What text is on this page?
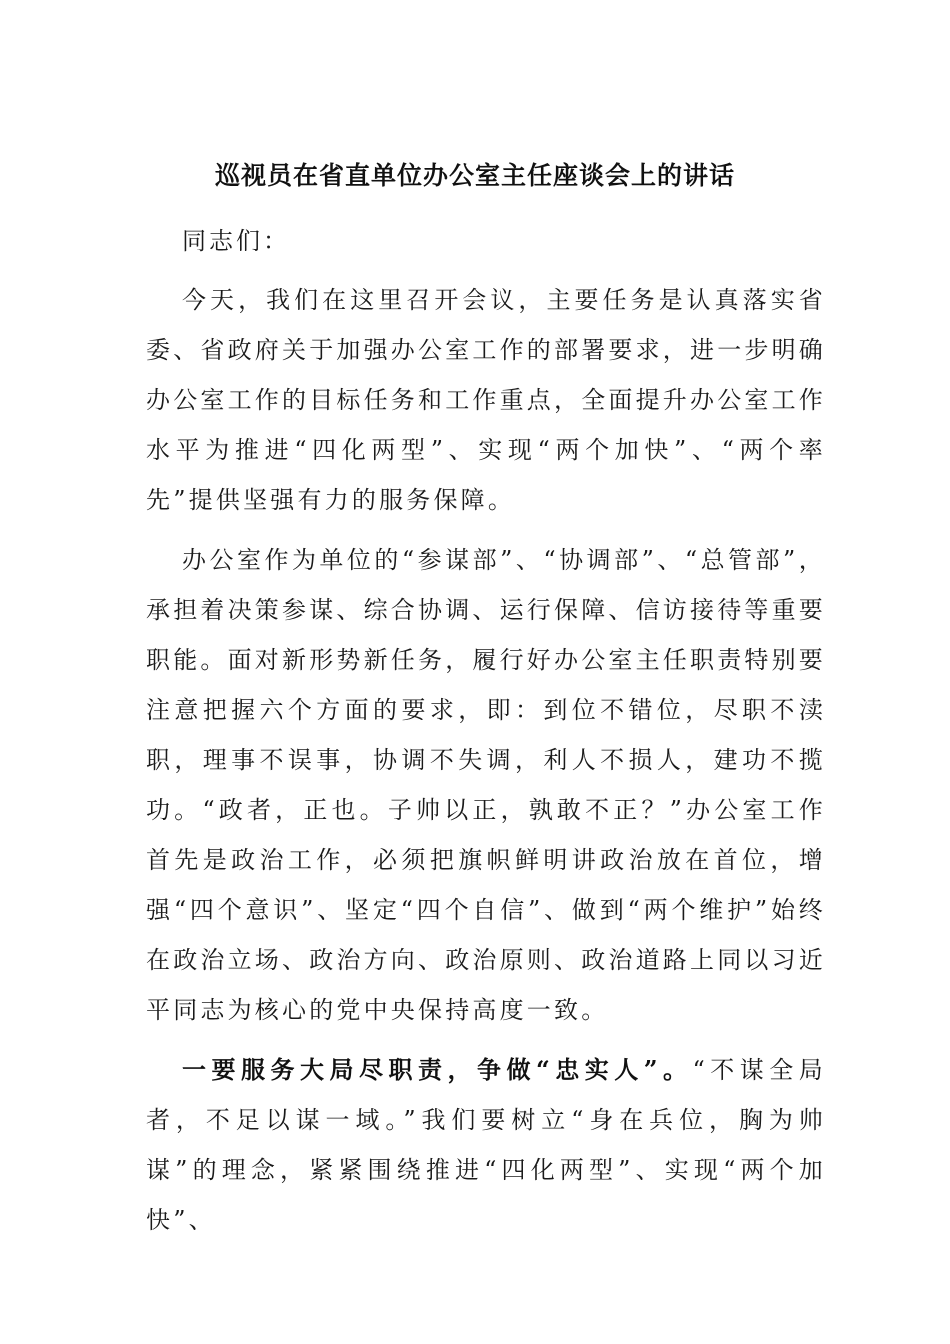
巡视员在省直单位办公室主任座谈会上的讲话
同志们：

今天，我们在这里召开会议，主要任务是认真落实省委、省政府关于加强办公室工作的部署要求，进一步明确办公室工作的目标任务和工作重点，全面提升办公室工作水平为推进“四化两型”、实现“两个加快”、“两个率先”提供坚强有力的服务保障。

办公室作为单位的“参谋部”、“协调部”、“总管部”，承担着决策参谋、综合协调、运行保障、信访接待等重要职能。面对新形势新任务，履行好办公室主任职责特别要注意把握六个方面的要求，即：到位不错位，尽职不渎职，理事不误事，协调不失调，利人不损人，建功不揽功。“政者，正也。子帅以正，孰敢不正？”办公室工作首先是政治工作，必须把旗帜鲜明讲政治放在首位，增强“四个意识”、坚定“四个自信”、做到“两个维护”始终在政治立场、政治方向、政治原则、政治道路上同以习近平同志为核心的党中央保持高度一致。

一要服务大局尽职责，争做“忠实人”。“不谋全局者，不足以谋一域。”我们要树立“身在兵位，胸为帅谋”的理念，紧紧围绕推进“四化两型”、实现“两个加快”、
